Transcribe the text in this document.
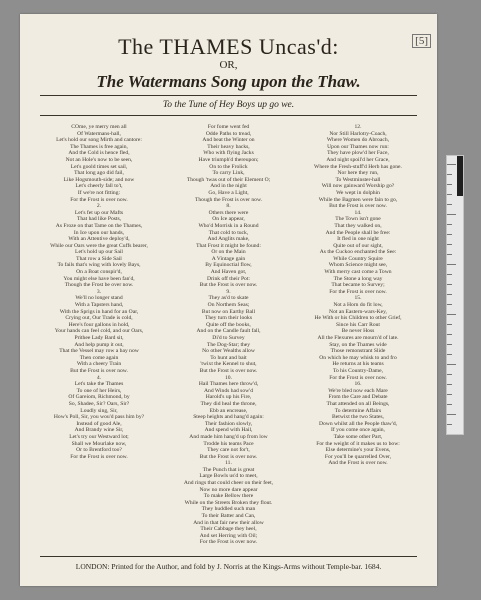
[5]
The THAMES Uncas'd:
OR,
The Watermans Song upon the Thaw.
To the Tune of Hey Boys up go we.
COme, ye merry men all
Of Watermans-hall,
Let's hold our song Mirth and cantore:
The Thames is free again,
And the Cold is hence fled,
Not an Hole's now to be seen,
Let's goold times set sail,
That long ago did fail,
Like Hogsmouth-side; and now
Let's cheerly fall to't,
If we're not fitting:
For the Frost is over now.
2.
Let's fet up our Mafts
That had like Posts,
As Froze on that Tame on the Thames,
In Ice upon our hands,
With an Attentive deploy'd,
While our Oars were the great Cuffs bearer,
Let's hold up our Sail
That row a Side Sail
To fails that's wing with lovely Bays,
On a Boat conspir'd,
You might else have been fan'd,
Though the Frost be over now.
3.
We'll no longer stand
With a Tapsters hand,
With the Sprigs in hand for an Oar,
Crying out, Our Trade is cold,
Here's four gallons in hold,
Your hands can feel cold, and our Oars,
Prithee Lady Bard sit,
And help pump it out,
That the Vessel may row a bay now
Then come again
With a cheery Train
But the Frost is over now.
4.
Let's take the Thames
To one of her Heirs,
Of Gareiom, Richmond, by
So, Shadee, Sir? Oars, Sir?
Loudly sing, Sir,
How's Poll, Sir, you wou'd pass him by?
Instead of good Ale,
And Brandy wine Sir,
Let's try our Westward lot;
Shall we Mourlake now,
Or to Brentford too?
For the Frost is over now.
For fome went fed
Odde Paths to tread,
And beat the Winter on
Their heavy backs,
Who with flying Jacks
Have triumph'd thereupon;
On to the Frolick
To carry Link,
Though 'twas out of their Element O;
And in the night
Go, Have a Light,
Though the Frost is over now.
8.
Others there were
On Ice appear,
Who'd Morrisk in a Round
That cold to tuck,
And Anglits make,
That Frost it might be found:
Or on the Main
A Vintage gain
By Equinoctial flow,
And Haven got,
Drink off their Pot:
But the Frost is over now.
9.
They as'd to skate
On Northern Seas;
But now on Earthy Ball
They turn their looks
Quite off the books,
And on the Candle fault fall,
Di'd to Survey
The Dog-Star; they
No other Wealths allow
To hunt and bait
'twixt the Kennel to shut,
But the Frost is over now.
10.
Hail Thames here throw'd,
And Winds had sow'd
Harold's up his Fire,
They did heal the throne,
Ebb an encrease,
Steep heights and hang'd again:
Their fashion slowly,
And spend with Hail,
And made him hang'd up from low
Trodde his teams Pace
They care not for't,
But the Frost is over now.
11.
The Punch that is great
Large Bowls us'd to meet,
And rings that could cheer on their feet,
Now no more dare appear
To make Bellow there
While on the Streets Broken they flout.
They huddled such man
To their Batter and Can,
And in that fair new their allow
Their Cabbage they heel,
And set Herring with Oil;
For the Frost is over now.
12.
Nor Still Harlotry-Coach,
Where Women do Abroach,
Upon our Thames now run:
They have plow'd her Face,
And night spoil'd her Grace,
Where the Fresh-stuff'd Herb has gone.
Nor here they run,
To Westminster-hall
Will now gainward Worship go?
We wept in dolphin
While the Bagmen were fain to go,
But the Frost is over now.
14.
The Town isn't gone
That they walked on,
And the People shall be free:
It fled in one night
Quite out of our sight,
As the Cuckoo enchanted the See:
While Country Squire
Whom Science might see,
With merry cast come a Town
The Stone a long way
That became to Survey;
For the Frost is over now.
15.
Not a Horn do fit low,
Not an Eastern-wars-Key,
He With or his Children to other Grief,
Since his Carr Rout
Be never Hoss
All the Flexures are mourn'd of late.
Stay, on the Thames wide
Those remonstrant Slide
On which he may whisk to and fro
He returns at his teams
To his Country-Dame,
For the Frost is over now.
16.
We're bled now each Mare
From the Care and Debate
That attended on all Beings,
To determine Affairs
Betwixt the two States,
Down whilst all the People thaw'd,
If you come once again,
Take some other Part,
For the weight of it makes us to bow:
Else determine's your Evens,
For you'll be quarrelled Over,
And the Frost is over now.
LONDON: Printed for the Author, and fold by J. Norris at the Kings-Arms without Temple-bar. 1684.
